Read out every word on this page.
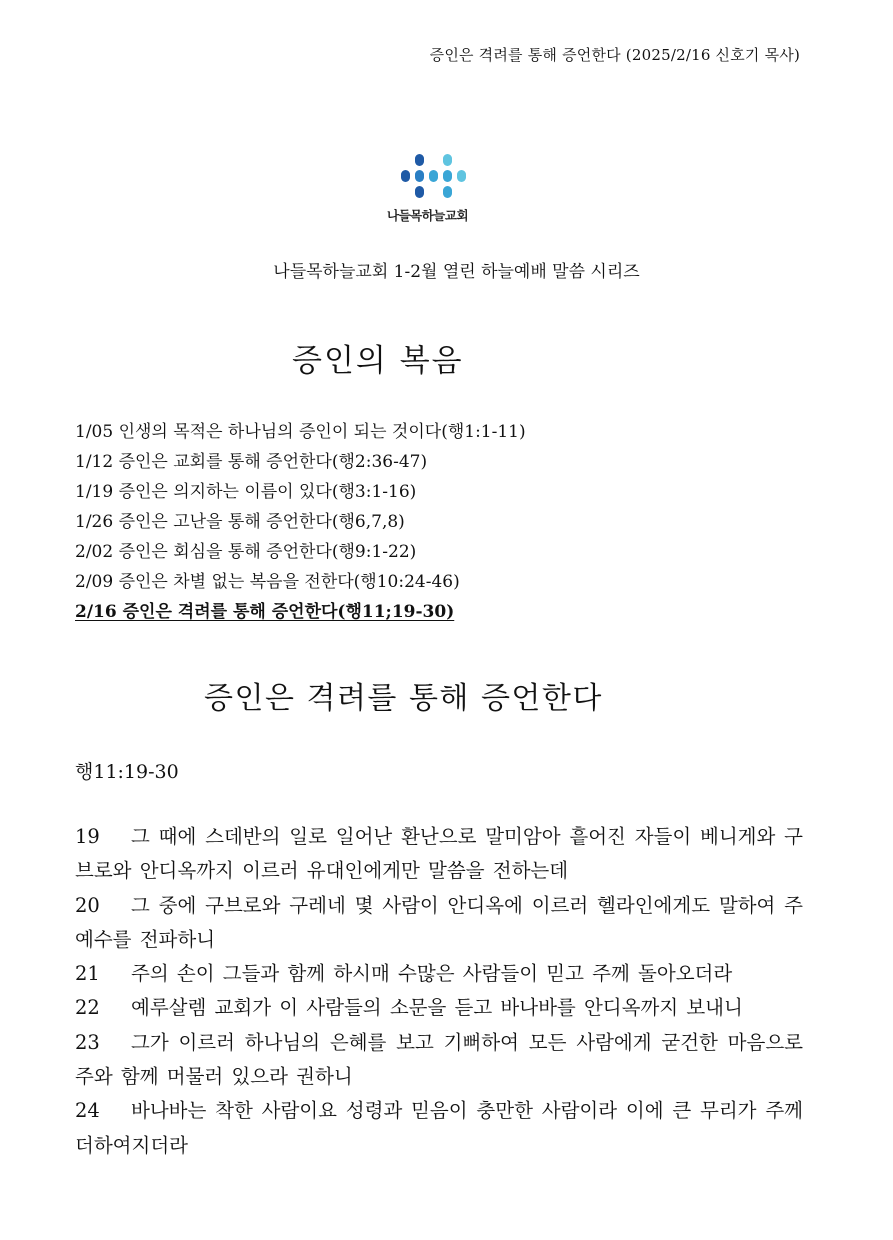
증인은 격려를 통해 증언한다 (2025/2/16 신호기 목사)
나들목하늘교회
나들목하늘교회 1-2월 열린 하늘예배 말씀 시리즈
증인의 복음
1/05 인생의 목적은 하나님의 증인이 되는 것이다(행1:1-11)
1/12 증인은 교회를 통해 증언한다(행2:36-47)
1/19 증인은 의지하는 이름이 있다(행3:1-16)
1/26 증인은 고난을 통해 증언한다(행6,7,8)
2/02 증인은 회심을 통해 증언한다(행9:1-22)
2/09 증인은 차별 없는 복음을 전한다(행10:24-46)
2/16 증인은 격려를 통해 증언한다(행11;19-30)
증인은 격려를 통해 증언한다
행11:19-30
19 그 때에 스데반의 일로 일어난 환난으로 말미암아 흩어진 자들이 베니게와 구브로와 안디옥까지 이르러 유대인에게만 말씀을 전하는데
20 그 중에 구브로와 구레네 몇 사람이 안디옥에 이르러 헬라인에게도 말하여 주 예수를 전파하니
21 주의 손이 그들과 함께 하시매 수많은 사람들이 믿고 주께 돌아오더라
22 예루살렘 교회가 이 사람들의 소문을 듣고 바나바를 안디옥까지 보내니
23 그가 이르러 하나님의 은혜를 보고 기뻐하여 모든 사람에게 굳건한 마음으로 주와 함께 머물러 있으라 권하니
24 바나바는 착한 사람이요 성령과 믿음이 충만한 사람이라 이에 큰 무리가 주께 더하여지더라
